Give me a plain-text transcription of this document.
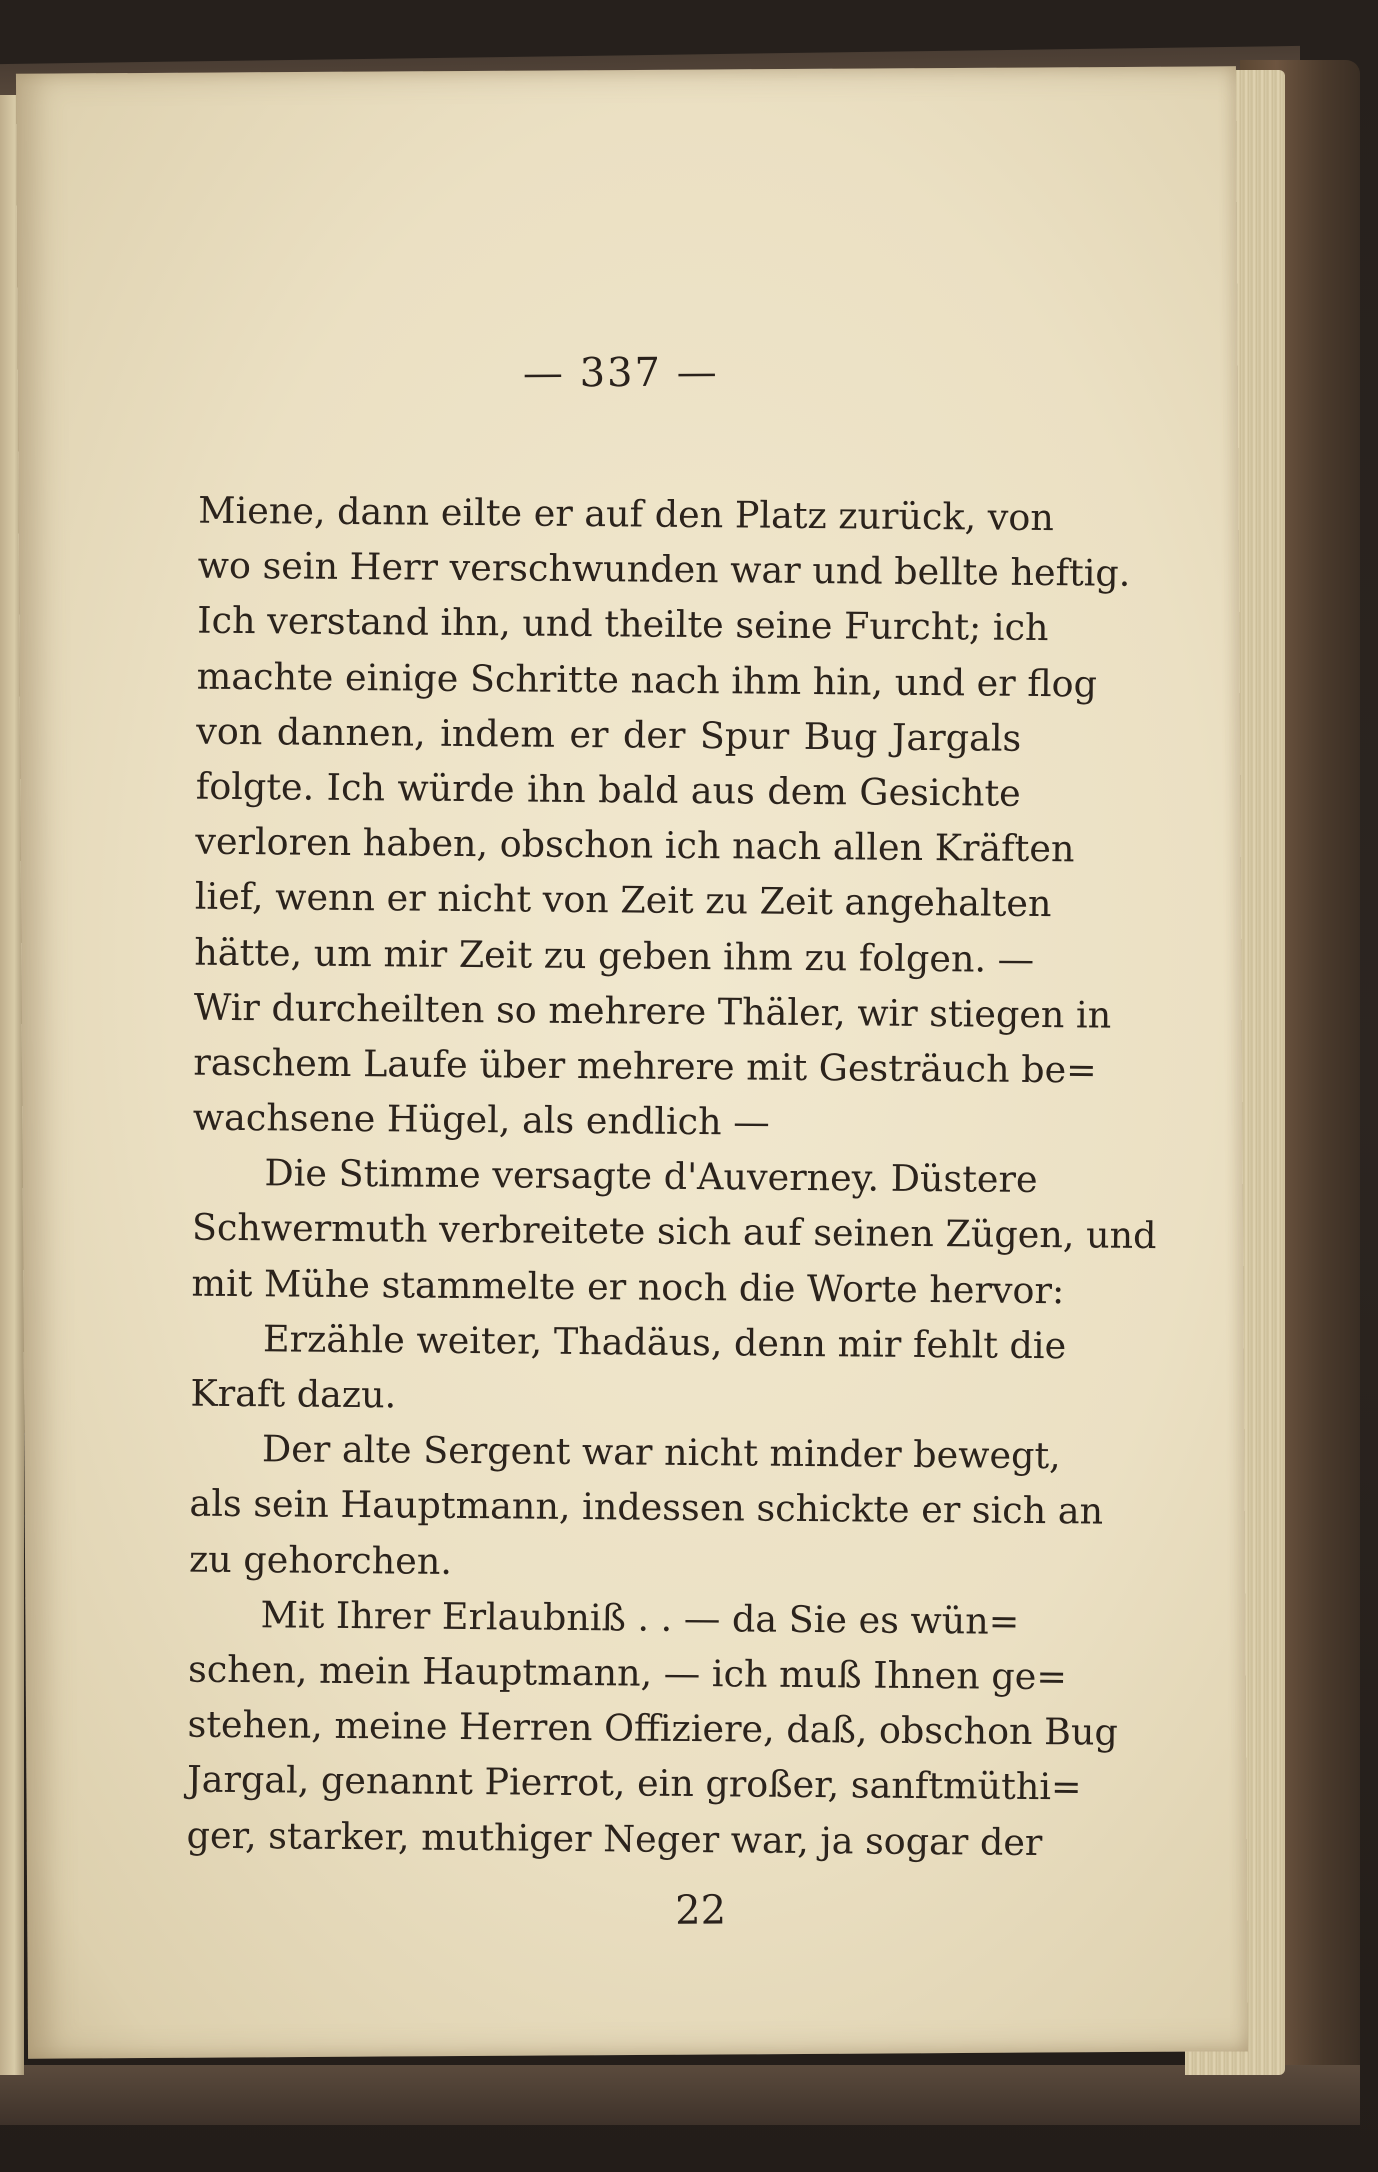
— 337 —
Miene, dann eilte er auf den Platz zurück, von
wo sein Herr verschwunden war und bellte heftig.
Ich verstand ihn, und theilte seine Furcht; ich
machte einige Schritte nach ihm hin, und er flog
von dannen, indem er der Spur Bug Jargals
folgte. Ich würde ihn bald aus dem Gesichte
verloren haben, obschon ich nach allen Kräften
lief, wenn er nicht von Zeit zu Zeit angehalten
hätte, um mir Zeit zu geben ihm zu folgen. —
Wir durcheilten so mehrere Thäler, wir stiegen in
raschem Laufe über mehrere mit Gesträuch be=
wachsene Hügel, als endlich —
Die Stimme versagte d'Auverney. Düstere
Schwermuth verbreitete sich auf seinen Zügen, und
mit Mühe stammelte er noch die Worte hervor:
Erzähle weiter, Thadäus, denn mir fehlt die
Kraft dazu.
Der alte Sergent war nicht minder bewegt,
als sein Hauptmann, indessen schickte er sich an
zu gehorchen.
Mit Ihrer Erlaubniß . . — da Sie es wün=
schen, mein Hauptmann, — ich muß Ihnen ge=
stehen, meine Herren Offiziere, daß, obschon Bug
Jargal, genannt Pierrot, ein großer, sanftmüthi=
ger, starker, muthiger Neger war, ja sogar der
22
